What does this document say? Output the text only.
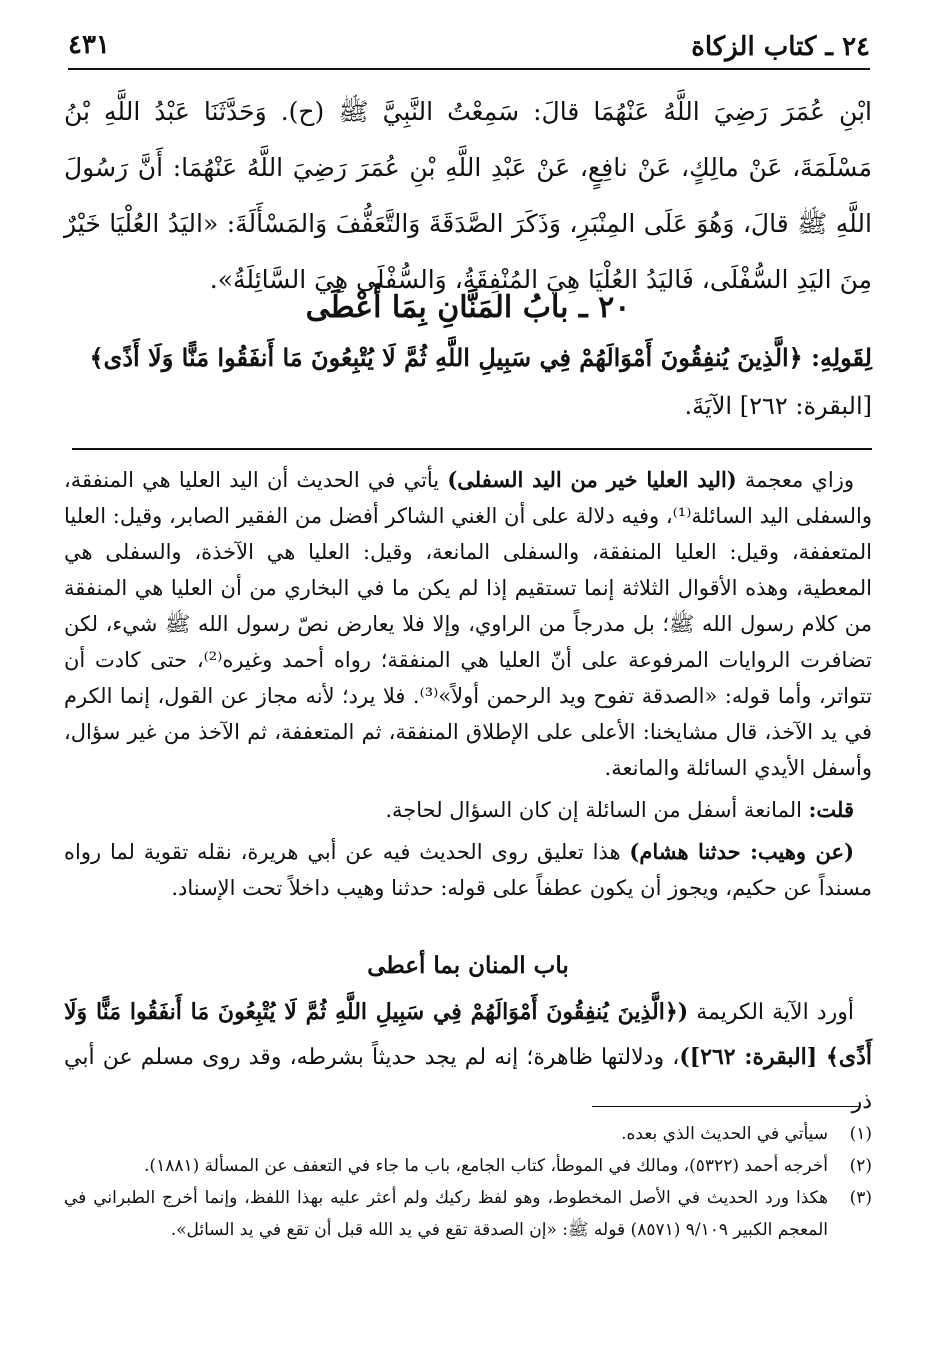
٢٤ ـ كتاب الزكاة
٤٣١

ابْنِ عُمَرَ رَضِيَ اللَّهُ عَنْهُمَا قالَ: سَمِعْتُ النَّبِيَّ ﷺ (ح). وَحَدَّثَنَا عَبْدُ اللَّهِ بْنُ مَسْلَمَةَ، عَنْ مالِكٍ، عَنْ نافِعٍ، عَنْ عَبْدِ اللَّهِ بْنِ عُمَرَ رَضِيَ اللَّهُ عَنْهُمَا: أَنَّ رَسُولَ اللَّهِ ﷺ قالَ، وَهُوَ عَلَى المِنْبَرِ، وَذَكَرَ الصَّدَقَةَ وَالتَّعَفُّفَ وَالمَسْأَلَةَ: «اليَدُ العُلْيَا خَيْرٌ مِنَ اليَدِ السُّفْلَى، فَاليَدُ العُلْيَا هِيَ المُنْفِقَةُ، وَالسُّفْلَى هِيَ السَّائِلَةُ».

٢٠ ـ بابُ المَنَّانِ بِمَا أَعْطَى

لِقَولِهِ: ﴿الَّذِينَ يُنفِقُونَ أَمْوَالَهُمْ فِي سَبِيلِ اللَّهِ ثُمَّ لَا يُتْبِعُونَ مَا أَنفَقُوا مَنًّا وَلَا أَذًى﴾

[البقرة: ٢٦٢] الآيَةَ.

وزاي معجمة (اليد العليا خير من اليد السفلى) يأتي في الحديث أن اليد العليا هي المنفقة، والسفلى اليد السائلة⁽¹⁾، وفيه دلالة على أن الغني الشاكر أفضل من الفقير الصابر، وقيل: العليا المتعففة، وقيل: العليا المنفقة، والسفلى المانعة، وقيل: العليا هي الآخذة، والسفلى هي المعطية، وهذه الأقوال الثلاثة إنما تستقيم إذا لم يكن ما في البخاري من أن العليا هي المنفقة من كلام رسول الله ﷺ؛ بل مدرجاً من الراوي، وإلا فلا يعارض نصّ رسول الله ﷺ شيء، لكن تضافرت الروايات المرفوعة على أنّ العليا هي المنفقة؛ رواه أحمد وغيره⁽²⁾، حتى كادت أن تتواتر، وأما قوله: «الصدقة تفوح ويد الرحمن أولاً»⁽³⁾. فلا يرد؛ لأنه مجاز عن القول، إنما الكرم في يد الآخذ، قال مشايخنا: الأعلى على الإطلاق المنفقة، ثم المتعففة، ثم الآخذ من غير سؤال، وأسفل الأيدي السائلة والمانعة.

قلت: المانعة أسفل من السائلة إن كان السؤال لحاجة.

(عن وهيب: حدثنا هشام) هذا تعليق روى الحديث فيه عن أبي هريرة، نقله تقوية لما رواه مسنداً عن حكيم، ويجوز أن يكون عطفاً على قوله: حدثنا وهيب داخلاً تحت الإسناد.

باب المنان بما أعطى

أورد الآية الكريمة (﴿الَّذِينَ يُنفِقُونَ أَمْوَالَهُمْ فِي سَبِيلِ اللَّهِ ثُمَّ لَا يُتْبِعُونَ مَا أَنفَقُوا مَنًّا وَلَا أَذًى﴾ [البقرة: ٢٦٢])، ودلالتها ظاهرة؛ إنه لم يجد حديثاً بشرطه، وقد روى مسلم عن أبي ذر

(١)
سيأتي في الحديث الذي بعده.
(٢)
أخرجه أحمد (٥٣٢٢)، ومالك في الموطأ، كتاب الجامع، باب ما جاء في التعفف عن المسألة (١٨٨١).
(٣)
هكذا ورد الحديث في الأصل المخطوط، وهو لفظ ركيك ولم أعثر عليه بهذا اللفظ، وإنما أخرج الطبراني في المعجم الكبير ٩/١٠٩ (٨٥٧١) قوله ﷺ: «إن الصدقة تقع في يد الله قبل أن تقع في يد السائل».
